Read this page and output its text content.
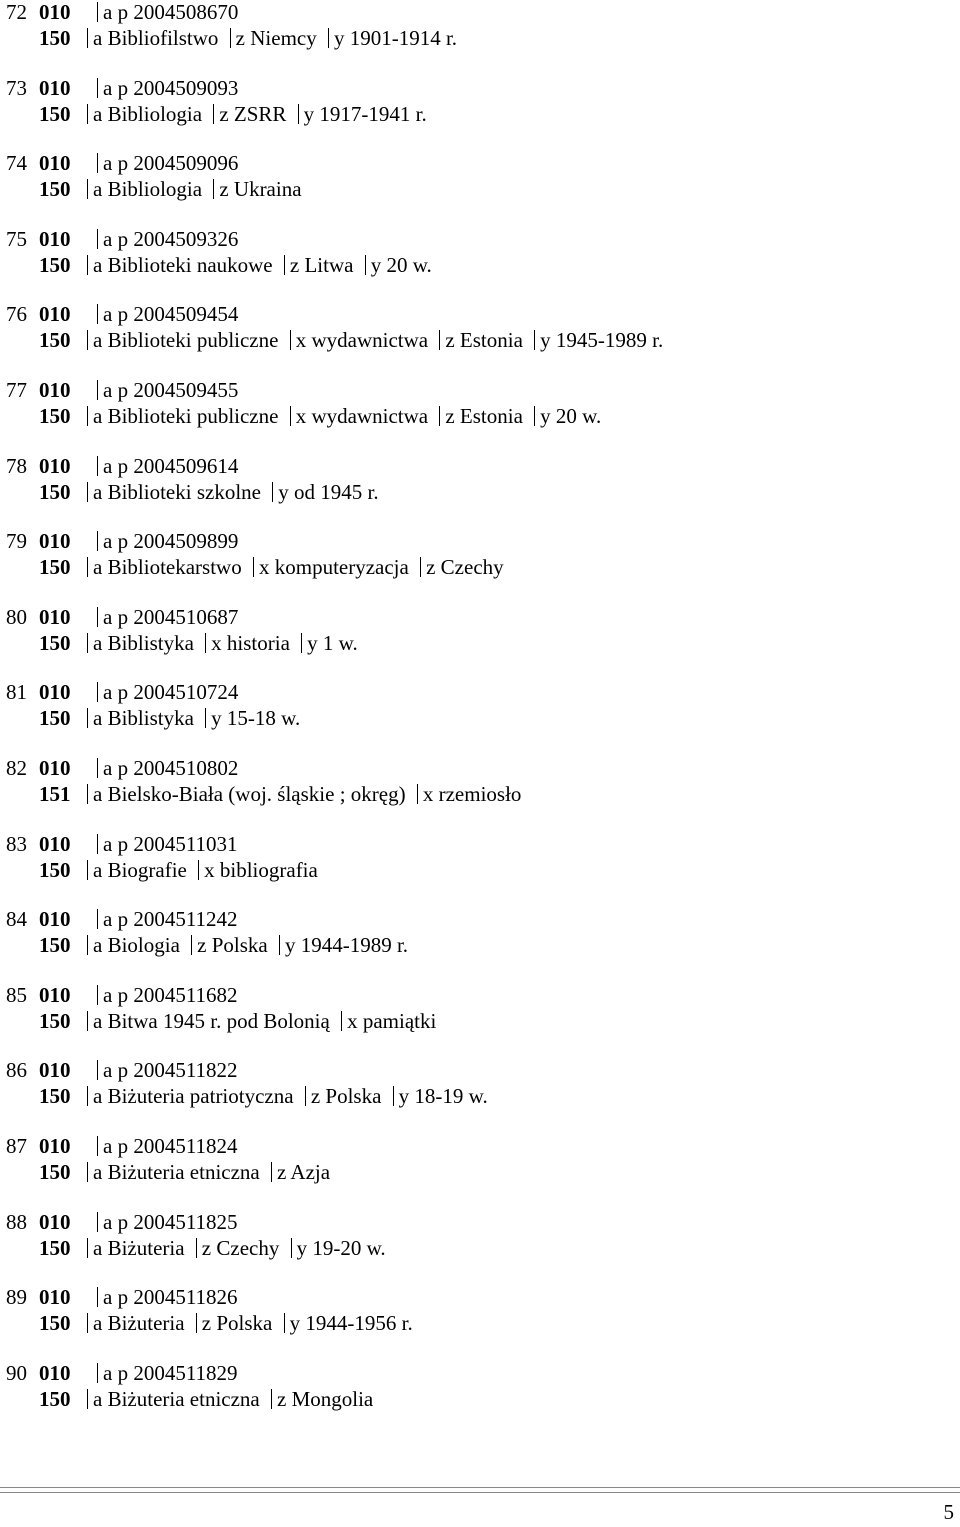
72 010	a p 2004508670
150	a Bibliofilstwo z Niemcy y 1901-1914 r.
73 010	a p 2004509093
150	a Bibliologia z ZSRR y 1917-1941 r.
74 010	a p 2004509096
150	a Bibliologia z Ukraina
75 010	a p 2004509326
150	a Biblioteki naukowe z Litwa y 20 w.
76 010	a p 2004509454
150	a Biblioteki publiczne x wydawnictwa z Estonia y 1945-1989 r.
77 010	a p 2004509455
150	a Biblioteki publiczne x wydawnictwa z Estonia y 20 w.
78 010	a p 2004509614
150	a Biblioteki szkolne y od 1945 r.
79 010	a p 2004509899
150	a Bibliotekarstwo x komputeryzacja z Czechy
80 010	a p 2004510687
150	a Biblistyka x historia y 1 w.
81 010	a p 2004510724
150	a Biblistyka y 15-18 w.
82 010	a p 2004510802
151	a Bielsko-Biała (woj. śląskie ; okręg) x rzemiosło
83 010	a p 2004511031
150	a Biografie x bibliografia
84 010	a p 2004511242
150	a Biologia z Polska y 1944-1989 r.
85 010	a p 2004511682
150	a Bitwa 1945 r. pod Bolonią x pamiątki
86 010	a p 2004511822
150	a Biżuteria patriotyczna z Polska y 18-19 w.
87 010	a p 2004511824
150	a Biżuteria etniczna z Azja
88 010	a p 2004511825
150	a Biżuteria z Czechy y 19-20 w.
89 010	a p 2004511826
150	a Biżuteria z Polska y 1944-1956 r.
90 010	a p 2004511829
150	a Biżuteria etniczna z Mongolia
5
